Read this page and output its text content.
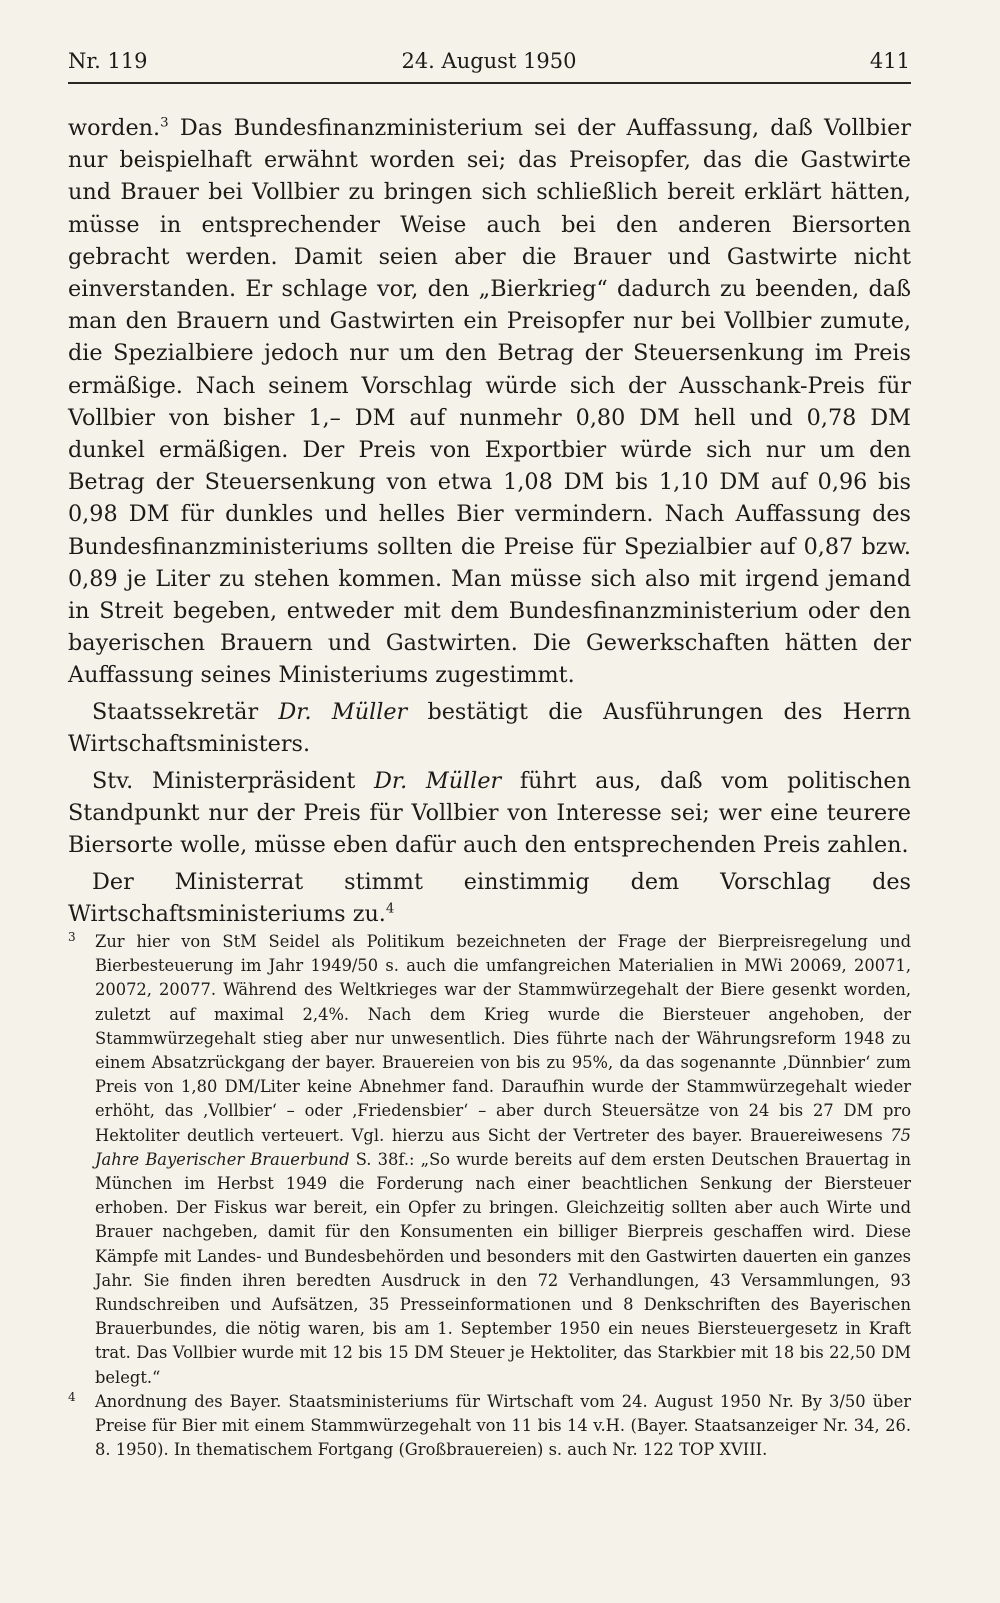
Nr. 119	24. August 1950	411

worden.$^3$ Das Bundesfinanzministerium sei der Auffassung, daß Vollbier nur beispielhaft erwähnt worden sei; das Preisopfer, das die Gastwirte und Brauer bei Vollbier zu bringen sich schließlich bereit erklärt hätten, müsse in entsprechender Weise auch bei den anderen Biersorten gebracht werden. Damit seien aber die Brauer und Gastwirte nicht einverstanden. Er schlage vor, den „Bierkrieg“ dadurch zu beenden, daß man den Brauern und Gastwirten ein Preisopfer nur bei Vollbier zumute, die Spezialbiere jedoch nur um den Betrag der Steuersenkung im Preis ermäßige. Nach seinem Vorschlag würde sich der Ausschank-Preis für Vollbier von bisher 1,– DM auf nunmehr 0,80 DM hell und 0,78 DM dunkel ermäßigen. Der Preis von Exportbier würde sich nur um den Betrag der Steuersenkung von etwa 1,08 DM bis 1,10 DM auf 0,96 bis 0,98 DM für dunkles und helles Bier vermindern. Nach Auffassung des Bundesfinanzministeriums sollten die Preise für Spezialbier auf 0,87 bzw. 0,89 je Liter zu stehen kommen. Man müsse sich also mit irgend jemand in Streit begeben, entweder mit dem Bundesfinanzministerium oder den bayerischen Brauern und Gastwirten. Die Gewerkschaften hätten der Auffassung seines Ministeriums zugestimmt.

Staatssekretär Dr. Müller bestätigt die Ausführungen des Herrn Wirtschaftsministers.

Stv. Ministerpräsident Dr. Müller führt aus, daß vom politischen Standpunkt nur der Preis für Vollbier von Interesse sei; wer eine teurere Biersorte wolle, müsse eben dafür auch den entsprechenden Preis zahlen.

Der Ministerrat stimmt einstimmig dem Vorschlag des Wirtschaftsministeriums zu.$^4$

3 Zur hier von StM Seidel als Politikum bezeichneten der Frage der Bierpreisregelung und Bierbesteuerung im Jahr 1949/50 s. auch die umfangreichen Materialien in MWi 20069, 20071, 20072, 20077. Während des Weltkrieges war der Stammwürzegehalt der Biere gesenkt worden, zuletzt auf maximal 2,4%. Nach dem Krieg wurde die Biersteuer angehoben, der Stammwürzegehalt stieg aber nur unwesentlich. Dies führte nach der Währungsreform 1948 zu einem Absatzrückgang der bayer. Brauereien von bis zu 95%, da das sogenannte ‚Dünnbier‘ zum Preis von 1,80 DM/Liter keine Abnehmer fand. Daraufhin wurde der Stammwürzegehalt wieder erhöht, das ‚Vollbier‘ – oder ‚Friedensbier‘ – aber durch Steuersätze von 24 bis 27 DM pro Hektoliter deutlich verteuert. Vgl. hierzu aus Sicht der Vertreter des bayer. Brauereiwesens 75 Jahre Bayerischer Brauerbund S. 38f.: „So wurde bereits auf dem ersten Deutschen Brauertag in München im Herbst 1949 die Forderung nach einer beachtlichen Senkung der Biersteuer erhoben. Der Fiskus war bereit, ein Opfer zu bringen. Gleichzeitig sollten aber auch Wirte und Brauer nachgeben, damit für den Konsumenten ein billiger Bierpreis geschaffen wird. Diese Kämpfe mit Landes- und Bundesbehörden und besonders mit den Gastwirten dauerten ein ganzes Jahr. Sie finden ihren beredten Ausdruck in den 72 Verhandlungen, 43 Versammlungen, 93 Rundschreiben und Aufsätzen, 35 Presseinformationen und 8 Denkschriften des Bayerischen Brauerbundes, die nötig waren, bis am 1. September 1950 ein neues Biersteuergesetz in Kraft trat. Das Vollbier wurde mit 12 bis 15 DM Steuer je Hektoliter, das Starkbier mit 18 bis 22,50 DM belegt.“
4 Anordnung des Bayer. Staatsministeriums für Wirtschaft vom 24. August 1950 Nr. By 3/50 über Preise für Bier mit einem Stammwürzegehalt von 11 bis 14 v.H. (Bayer. Staatsanzeiger Nr. 34, 26. 8. 1950). In thematischem Fortgang (Großbrauereien) s. auch Nr. 122 TOP XVIII.
